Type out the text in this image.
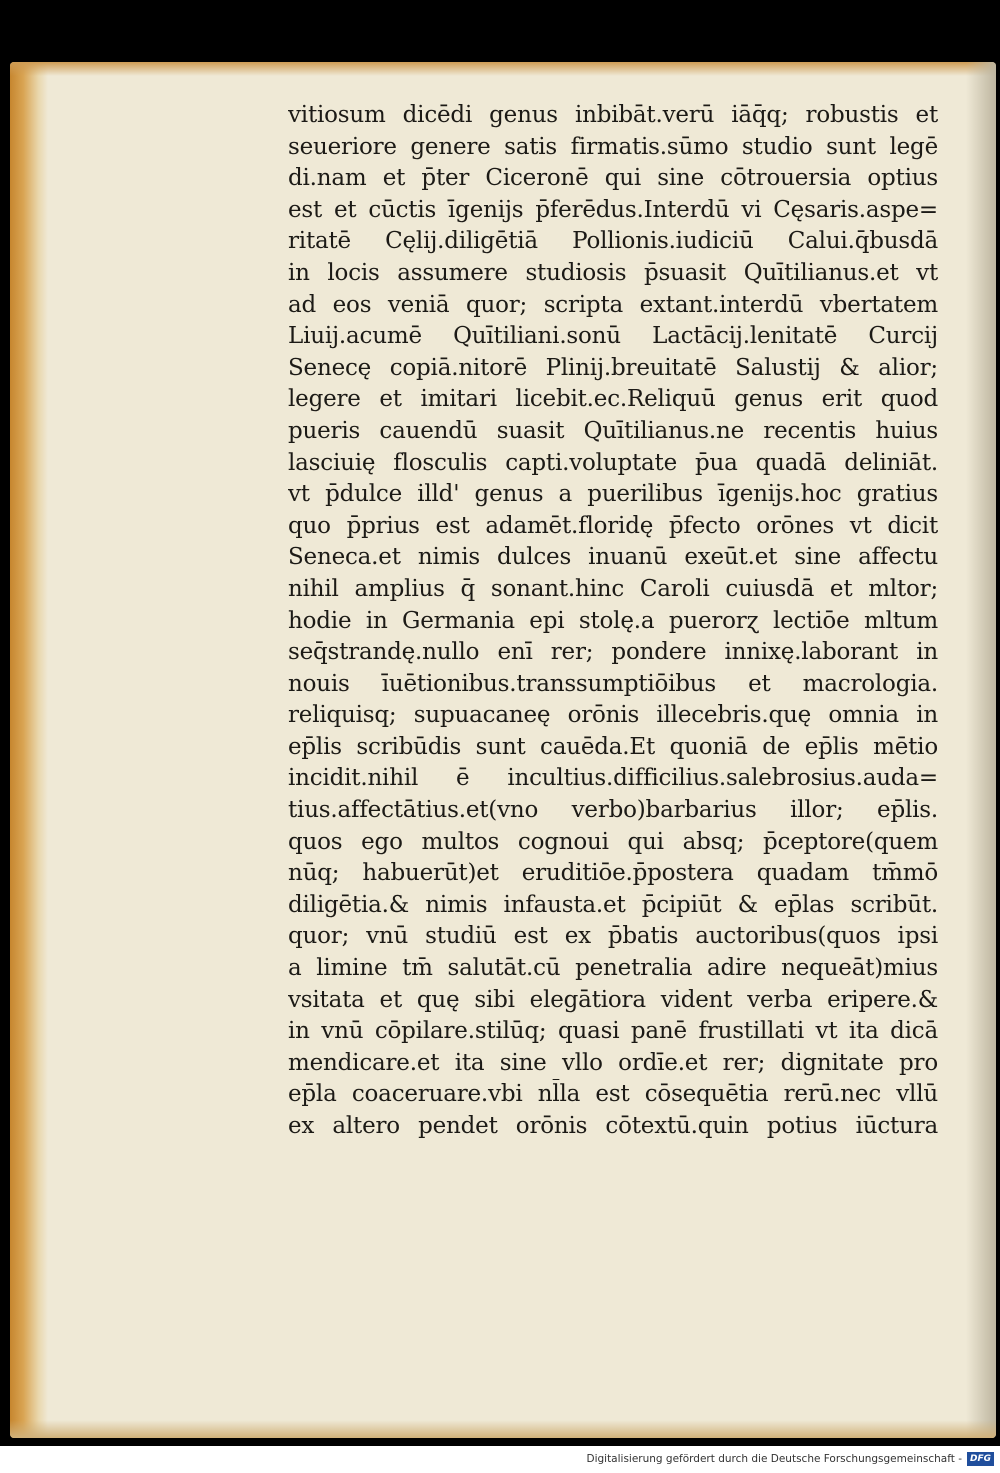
vitiosum dicēdi genus inbibāt.verū iāq̄q; robustis et
seueriore genere satis firmatis.sūmo studio sunt legē
di.nam et p̄ter Ciceronē qui sine cōtrouersia optius
est et cūctis īgenijs p̄ferēdus.Interdū vi Cęsaris.aspe=
ritatē Cęlij.diligētiā Pollionis.iudiciū Calui.q̄busdā
in locis assumere studiosis p̄suasit Quītilianus.et vt
ad eos veniā quor; scripta extant.interdū vbertatem
Liuij.acumē Quītiliani.sonū Lactācij.lenitatē Curcij
Senecę copiā.nitorē Plinij.breuitatē Salustij & alior;
legere et imitari licebit.ec.Reliquū genus erit quod
pueris cauendū suasit Quītilianus.ne recentis huius
lasciuię flosculis capti.voluptate p̄ua quadā deliniāt.
vt p̄dulce illd' genus a puerilibus īgenijs.hoc gratius
quo p̄prius est adamēt.floridę p̄fecto orōnes vt dicit
Seneca.et nimis dulces inuanū exeūt.et sine affectu
nihil amplius q̄ sonant.hinc Caroli cuiusdā et mltor;
hodie in Germania epi stolę.a puerorɀ lectiōe mltum
seq̄strandę.nullo enī rer; pondere innixę.laborant in
nouis īuētionibus.transsumptiōibus et macrologia.
reliquisq; supuacaneę orōnis illecebris.quę omnia in
ep̄lis scribūdis sunt cauēda.Et quoniā de ep̄lis mētio
incidit.nihil ē incultius.difficilius.salebrosius.auda=
tius.affectātius.et(vno verbo)barbarius illor; ep̄lis.
quos ego multos cognoui qui absq; p̄ceptore(quem
nūq; habuerūt)et eruditiōe.p̄postera quadam tm̄mō
diligētia.& nimis infausta.et p̄cipiūt & ep̄las scribūt.
quor; vnū studiū est ex p̄batis auctoribus(quos ipsi
a limine tm̄ salutāt.cū penetralia adire nequeāt)mius
vsitata et quę sibi elegātiora vident verba eripere.&
in vnū cōpilare.stilūq; quasi panē frustillati vt ita dicā
mendicare.et ita sine vllo ordīe.et rer; dignitate pro
ep̄la coaceruare.vbi nl̄la est cōsequētia rerū.nec vllū
ex altero pendet orōnis cōtextū.quin potius iūctura
Digitalisierung gefördert durch die Deutsche Forschungsgemeinschaft - DFG
